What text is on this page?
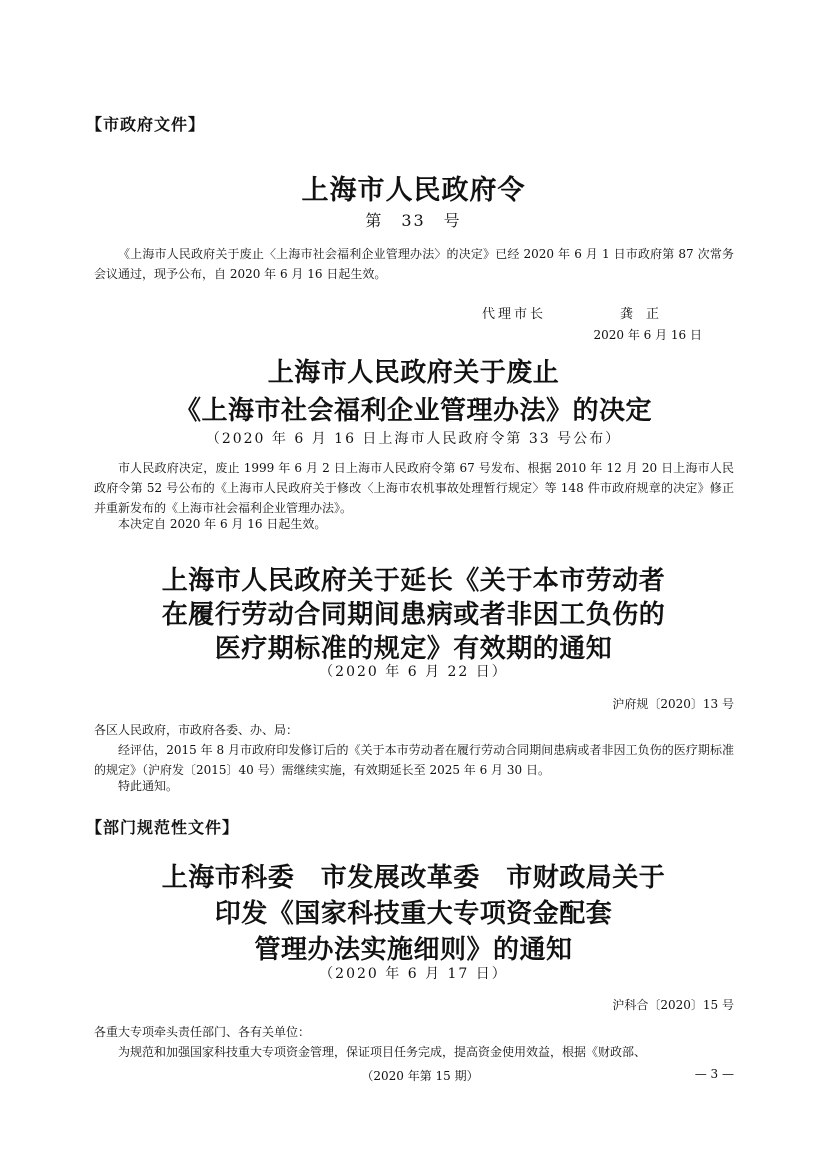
【市政府文件】
上海市人民政府令
第　33　号
《上海市人民政府关于废止〈上海市社会福利企业管理办法〉的决定》已经 2020 年 6 月 1 日市政府第 87 次常务会议通过，现予公布，自 2020 年 6 月 16 日起生效。
代理市长	龚　正
2020 年 6 月 16 日
上海市人民政府关于废止
《上海市社会福利企业管理办法》的决定
（2020 年 6 月 16 日上海市人民政府令第 33 号公布）
市人民政府决定，废止 1999 年 6 月 2 日上海市人民政府令第 67 号发布、根据 2010 年 12 月 20 日上海市人民政府令第 52 号公布的《上海市人民政府关于修改〈上海市农机事故处理暂行规定〉等 148 件市政府规章的决定》修正并重新发布的《上海市社会福利企业管理办法》。
本决定自 2020 年 6 月 16 日起生效。
上海市人民政府关于延长《关于本市劳动者
在履行劳动合同期间患病或者非因工负伤的
医疗期标准的规定》有效期的通知
（2020 年 6 月 22 日）
沪府规〔2020〕13 号
各区人民政府，市政府各委、办、局：
经评估，2015 年 8 月市政府印发修订后的《关于本市劳动者在履行劳动合同期间患病或者非因工负伤的医疗期标准的规定》（沪府发〔2015〕40 号）需继续实施，有效期延长至 2025 年 6 月 30 日。
特此通知。
【部门规范性文件】
上海市科委　市发展改革委　市财政局关于
印发《国家科技重大专项资金配套
管理办法实施细则》的通知
（2020 年 6 月 17 日）
沪科合〔2020〕15 号
各重大专项牵头责任部门、各有关单位：
为规范和加强国家科技重大专项资金管理，保证项目任务完成，提高资金使用效益，根据《财政部、
（2020 年第 15 期）	— 3 —
